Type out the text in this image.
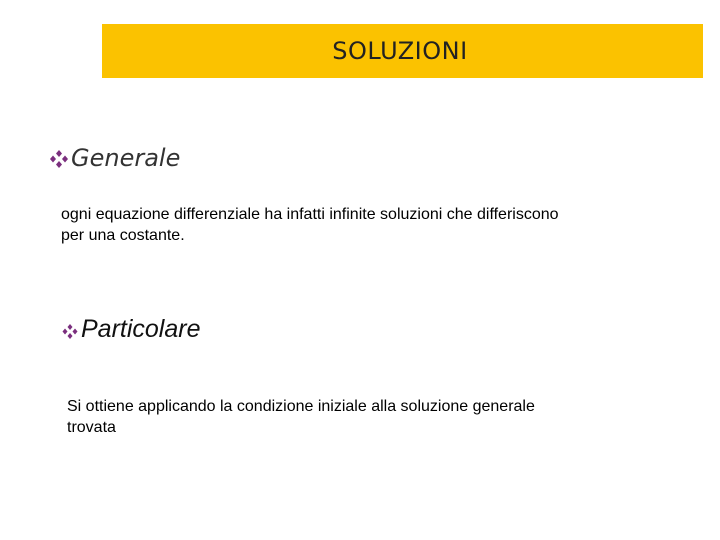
SOLUZIONI
Generale
ogni equazione differenziale ha infatti infinite soluzioni che differiscono
per una costante.
Particolare
Si ottiene applicando la condizione iniziale alla soluzione generale
trovata
